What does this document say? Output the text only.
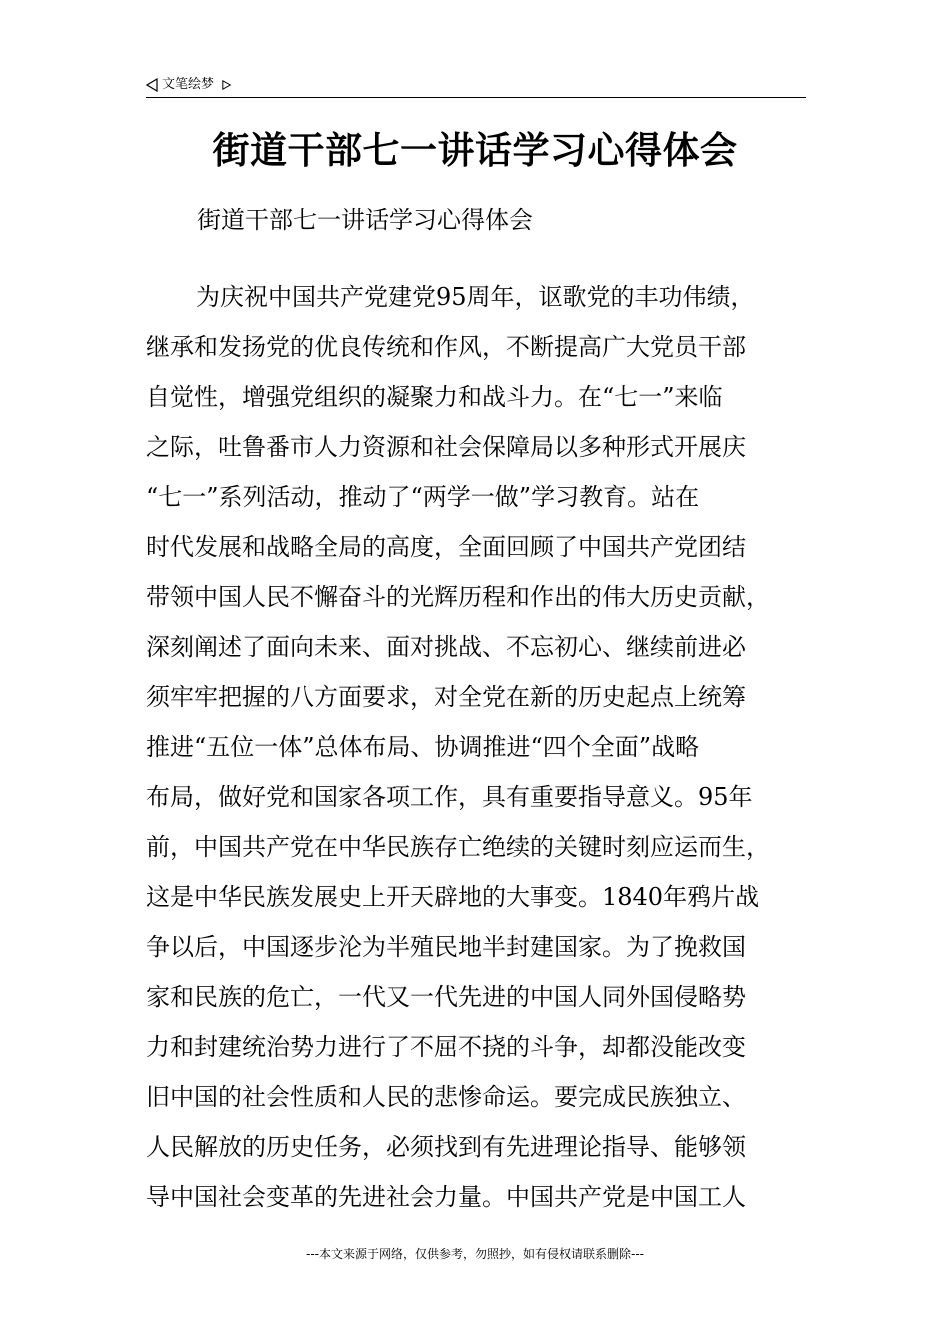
文笔绘梦
街道干部七一讲话学习心得体会
街道干部七一讲话学习心得体会

为庆祝中国共产党建党95周年，讴歌党的丰功伟绩，
继承和发扬党的优良传统和作风，不断提高广大党员干部
自觉性，增强党组织的凝聚力和战斗力。在“七一”来临
之际，吐鲁番市人力资源和社会保障局以多种形式开展庆
“七一”系列活动，推动了“两学一做”学习教育。站在
时代发展和战略全局的高度，全面回顾了中国共产党团结
带领中国人民不懈奋斗的光辉历程和作出的伟大历史贡献，
深刻阐述了面向未来、面对挑战、不忘初心、继续前进必
须牢牢把握的八方面要求，对全党在新的历史起点上统筹
推进“五位一体”总体布局、协调推进“四个全面”战略
布局，做好党和国家各项工作，具有重要指导意义。95年
前，中国共产党在中华民族存亡绝续的关键时刻应运而生，
这是中华民族发展史上开天辟地的大事变。1840年鸦片战
争以后，中国逐步沦为半殖民地半封建国家。为了挽救国
家和民族的危亡，一代又一代先进的中国人同外国侵略势
力和封建统治势力进行了不屈不挠的斗争，却都没能改变
旧中国的社会性质和人民的悲惨命运。要完成民族独立、
人民解放的历史任务，必须找到有先进理论指导、能够领
导中国社会变革的先进社会力量。中国共产党是中国工人

---本文来源于网络，仅供参考，勿照抄，如有侵权请联系删除---
